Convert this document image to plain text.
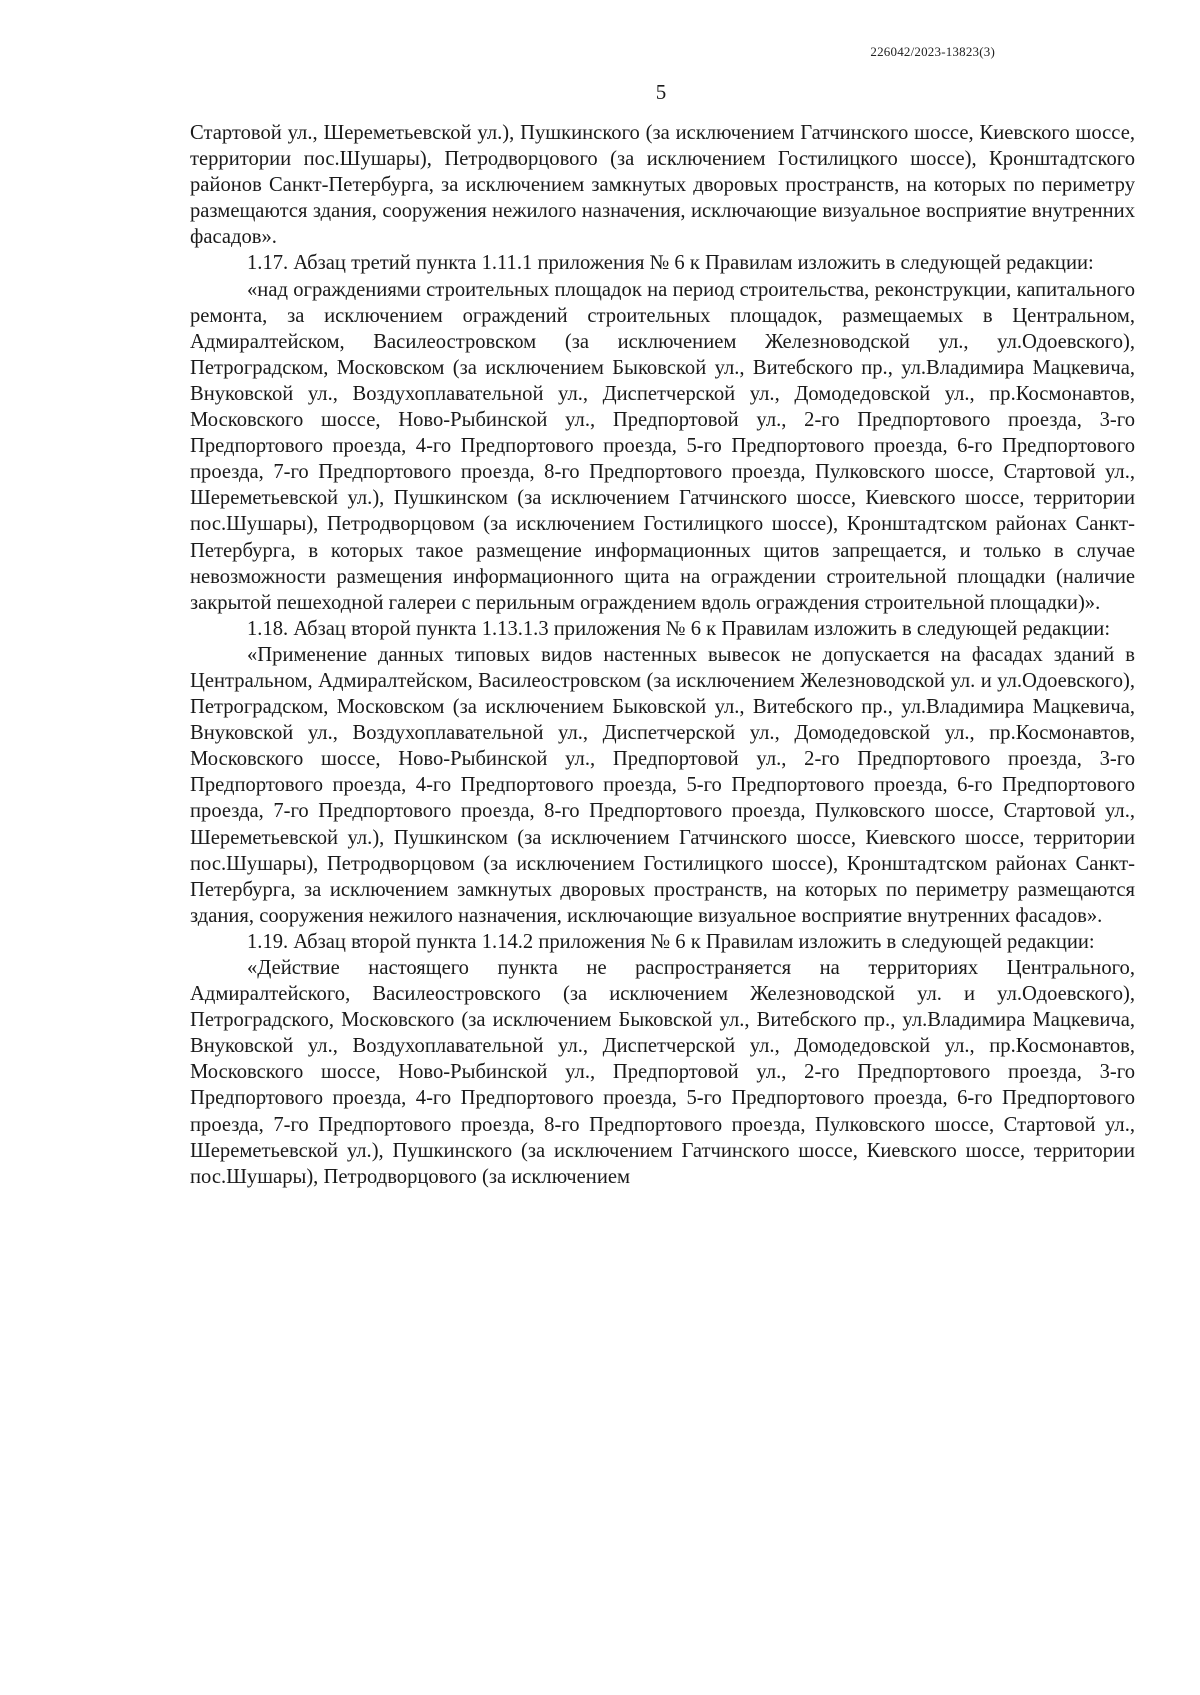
226042/2023-13823(3)
5

Стартовой ул., Шереметьевской ул.), Пушкинского (за исключением Гатчинского шоссе, Киевского шоссе, территории пос.Шушары), Петродворцового (за исключением Гостилицкого шоссе), Кронштадтского районов Санкт-Петербурга, за исключением замкнутых дворовых пространств, на которых по периметру размещаются здания, сооружения нежилого назначения, исключающие визуальное восприятие внутренних фасадов».

1.17. Абзац третий пункта 1.11.1 приложения № 6 к Правилам изложить в следующей редакции:

«над ограждениями строительных площадок на период строительства, реконструкции, капитального ремонта, за исключением ограждений строительных площадок, размещаемых в Центральном, Адмиралтейском, Василеостровском (за исключением Железноводской ул., ул.Одоевского), Петроградском, Московском (за исключением Быковской ул., Витебского пр., ул.Владимира Мацкевича, Внуковской ул., Воздухоплавательной ул., Диспетчерской ул., Домодедовской ул., пр.Космонавтов, Московского шоссе, Ново-Рыбинской ул., Предпортовой ул., 2-го Предпортового проезда, 3-го Предпортового проезда, 4-го Предпортового проезда, 5-го Предпортового проезда, 6-го Предпортового проезда, 7-го Предпортового проезда, 8-го Предпортового проезда, Пулковского шоссе, Стартовой ул., Шереметьевской ул.), Пушкинском (за исключением Гатчинского шоссе, Киевского шоссе, территории пос.Шушары), Петродворцовом (за исключением Гостилицкого шоссе), Кронштадтском районах Санкт-Петербурга, в которых такое размещение информационных щитов запрещается, и только в случае невозможности размещения информационного щита на ограждении строительной площадки (наличие закрытой пешеходной галереи с перильным ограждением вдоль ограждения строительной площадки)».

1.18. Абзац второй пункта 1.13.1.3 приложения № 6 к Правилам изложить в следующей редакции:

«Применение данных типовых видов настенных вывесок не допускается на фасадах зданий в Центральном, Адмиралтейском, Василеостровском (за исключением Железноводской ул. и ул.Одоевского), Петроградском, Московском (за исключением Быковской ул., Витебского пр., ул.Владимира Мацкевича, Внуковской ул., Воздухоплавательной ул., Диспетчерской ул., Домодедовской ул., пр.Космонавтов, Московского шоссе, Ново-Рыбинской ул., Предпортовой ул., 2-го Предпортового проезда, 3-го Предпортового проезда, 4-го Предпортового проезда, 5-го Предпортового проезда, 6-го Предпортового проезда, 7-го Предпортового проезда, 8-го Предпортового проезда, Пулковского шоссе, Стартовой ул., Шереметьевской ул.), Пушкинском (за исключением Гатчинского шоссе, Киевского шоссе, территории пос.Шушары), Петродворцовом (за исключением Гостилицкого шоссе), Кронштадтском районах Санкт-Петербурга, за исключением замкнутых дворовых пространств, на которых по периметру размещаются здания, сооружения нежилого назначения, исключающие визуальное восприятие внутренних фасадов».

1.19. Абзац второй пункта 1.14.2 приложения № 6 к Правилам изложить в следующей редакции:

«Действие настоящего пункта не распространяется на территориях Центрального, Адмиралтейского, Василеостровского (за исключением Железноводской ул. и ул.Одоевского), Петроградского, Московского (за исключением Быковской ул., Витебского пр., ул.Владимира Мацкевича, Внуковской ул., Воздухоплавательной ул., Диспетчерской ул., Домодедовской ул., пр.Космонавтов, Московского шоссе, Ново-Рыбинской ул., Предпортовой ул., 2-го Предпортового проезда, 3-го Предпортового проезда, 4-го Предпортового проезда, 5-го Предпортового проезда, 6-го Предпортового проезда, 7-го Предпортового проезда, 8-го Предпортового проезда, Пулковского шоссе, Стартовой ул., Шереметьевской ул.), Пушкинского (за исключением Гатчинского шоссе, Киевского шоссе, территории пос.Шушары), Петродворцового (за исключением
